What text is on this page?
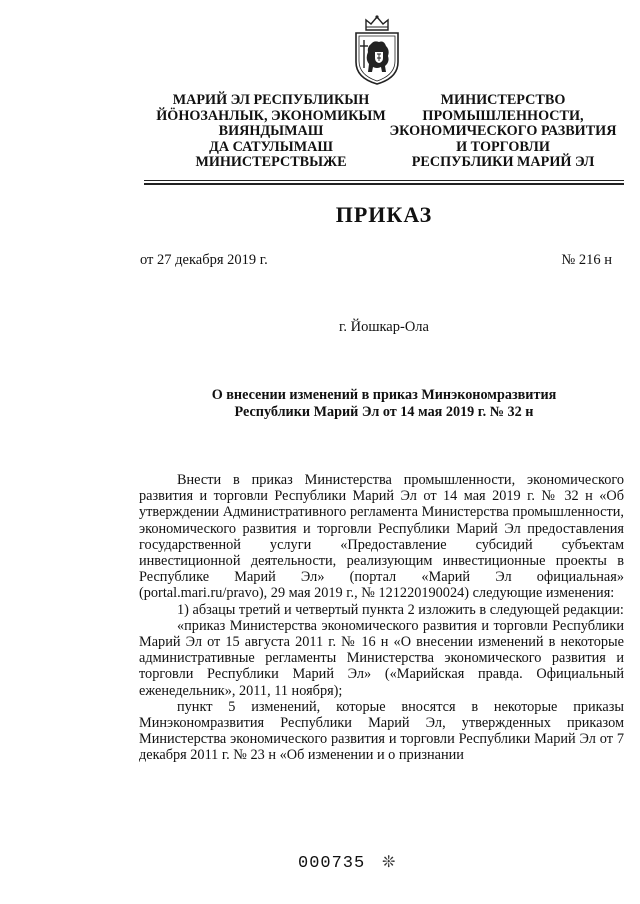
МАРИЙ ЭЛ РЕСПУБЛИКЫН
ЙӦНОЗАНЛЫК, ЭКОНОМИКЫМ
ВИЯНДЫМАШ
ДА САТУЛЫМАШ
МИНИСТЕРСТВЫЖЕ
МИНИСТЕРСТВО
ПРОМЫШЛЕННОСТИ,
ЭКОНОМИЧЕСКОГО РАЗВИТИЯ
И ТОРГОВЛИ
РЕСПУБЛИКИ МАРИЙ ЭЛ
ПРИКАЗ
от 27 декабря 2019 г.	№ 216 н
г. Йошкар-Ола
О внесении изменений в приказ Минэкономразвития
Республики Марий Эл от 14 мая 2019 г. № 32 н

Внести в приказ Министерства промышленности, экономического развития и торговли Республики Марий Эл от 14 мая 2019 г. № 32 н «Об утверждении Административного регламента Министерства промышленности, экономического развития и торговли Республики Марий Эл предоставления государственной услуги «Предоставление субсидий субъектам инвестиционной деятельности, реализующим инвестиционные проекты в Республике Марий Эл» (портал «Марий Эл официальная» (portal.mari.ru/pravo), 29 мая 2019 г., № 121220190024) следующие изменения:

1) абзацы третий и четвертый пункта 2 изложить в следующей редакции:

«приказ Министерства экономического развития и торговли Республики Марий Эл от 15 августа 2011 г. № 16 н «О внесении изменений в некоторые административные регламенты Министерства экономического развития и торговли Республики Марий Эл» («Марийская правда. Официальный еженедельник», 2011, 11 ноября);

пункт 5 изменений, которые вносятся в некоторые приказы Минэкономразвития Республики Марий Эл, утвержденных приказом Министерства экономического развития и торговли Республики Марий Эл от 7 декабря 2011 г. № 23 н «Об изменении и о признании

000735 ❊
